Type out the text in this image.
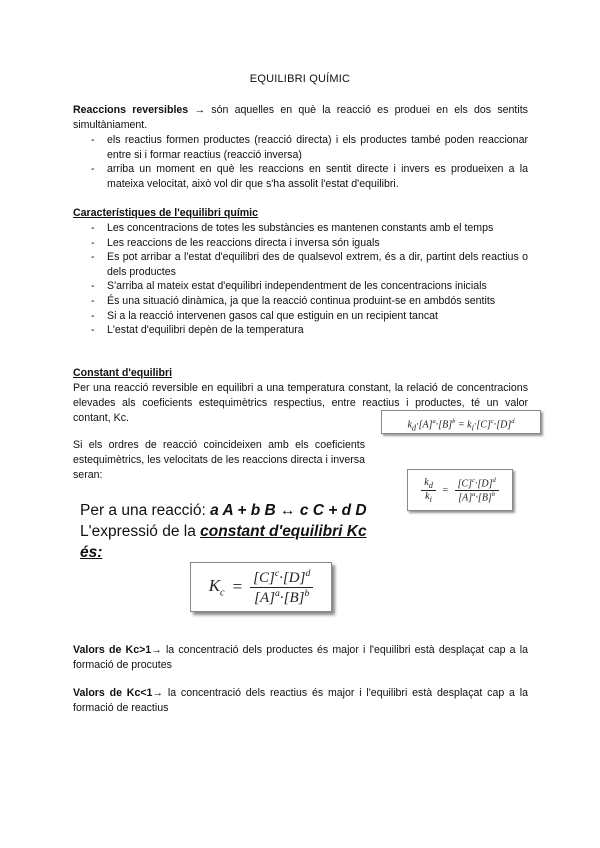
EQUILIBRI QUÍMIC
Reaccions reversibles → són aquelles en què la reacció es produei en els dos sentits simultàniament.
- els reactius formen productes (reacció directa) i els productes també poden reaccionar entre si i formar reactius (reacció inversa)
- arriba un moment en què les reaccions en sentit directe i invers es produeixen a la mateixa velocitat, això vol dir que s'ha assolit l'estat d'equilibri.
Característiques de l'equilibri químic
- Les concentracions de totes les substàncies es mantenen constants amb el temps
- Les reaccions de les reaccions directa i inversa són iguals
- Es pot arribar a l'estat d'equilibri des de qualsevol extrem, és a dir, partint dels reactius o dels productes
- S'arriba al mateix estat d'equilibri independentment de les concentracions inicials
- És una situació dinàmica, ja que la reacció continua produint-se en ambdós sentits
- Si a la reacció intervenen gasos cal que estiguin en un recipient tancat
- L'estat d'equilibri depèn de la temperatura
Constant d'equilibri
Per una reacció reversible en equilibri a una temperatura constant, la relació de concentracions elevades als coeficients estequimètrics respectius, entre reactius i productes, té un valor contant, Kc.
Si els ordres de reacció coincideixen amb els coeficients estequimètrics, les velocitats de les reaccions directa i inversa seran:
$k_d\cdot[A]^a\cdot[B]^b = k_i\cdot[C]^c\cdot[D]^d$
$\frac{k_d}{k_i} = \frac{[C]^c\cdot[D]^d}{[A]^a\cdot[B]^b}$
Per a una reacció: a A + b B ↔ c C + d D
L'expressió de la constant d'equilibri Kc és:
$K_c = \frac{[C]^c\cdot[D]^d}{[A]^a\cdot[B]^b}$
Valors de Kc>1→ la concentració dels productes és major i l'equilibri està desplaçat cap a la formació de procutes
Valors de Kc<1→ la concentració dels reactius és major i l'equilibri està desplaçat cap a la formació de reactius
